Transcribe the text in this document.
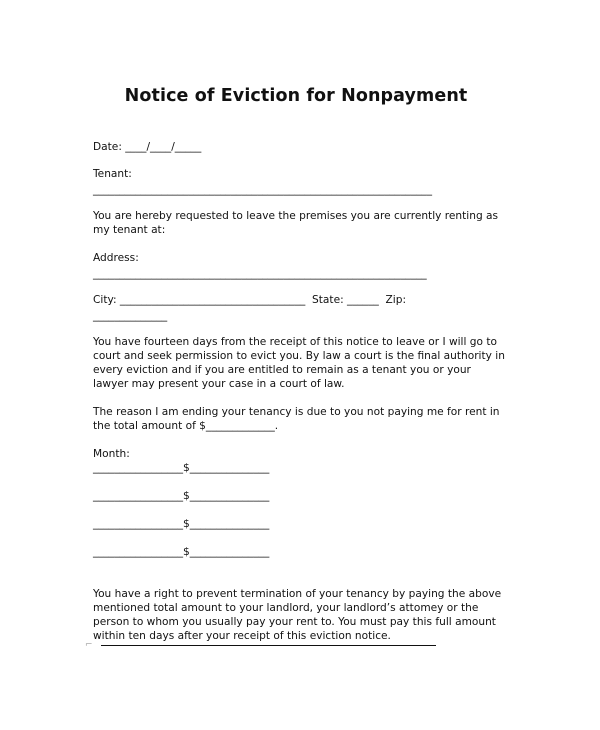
Notice of Eviction for Nonpayment
Date: ____/____/_____
Tenant:
________________________________________________________________
You are hereby requested to leave the premises you are currently renting as
my tenant at:
Address:
_______________________________________________________________
City: ___________________________________  State: ______  Zip:
______________
You have fourteen days from the receipt of this notice to leave or I will go to
court and seek permission to evict you. By law a court is the final authority in
every eviction and if you are entitled to remain as a tenant you or your
lawyer may present your case in a court of law.
The reason I am ending your tenancy is due to you not paying me for rent in
the total amount of $_____________.
Month:
_________________$_______________
_________________$_______________
_________________$_______________
_________________$_______________
You have a right to prevent termination of your tenancy by paying the above
mentioned total amount to your landlord, your landlord’s attomey or the
person to whom you usually pay your rent to. You must pay this full amount
within ten days after your receipt of this eviction notice.
⌐
